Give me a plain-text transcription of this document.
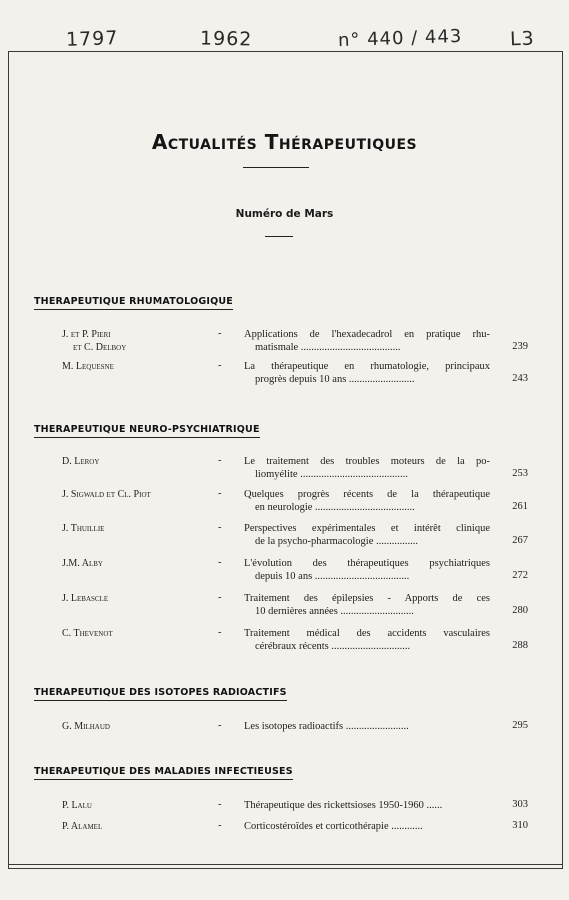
1797	1962	n° 440 / 443 L3
Actualités Thérapeutiques
Numéro de Mars
THERAPEUTIQUE RHUMATOLOGIQUE
J. et P. Pieri
et C. Delboy
- Applications de l'hexadecadrol en pratique rhu-
matismale ......................................	239
M. Lequesne	- La thérapeutique en rhumatologie, principaux
progrès depuis 10 ans .........................	243
THERAPEUTIQUE NEURO-PSYCHIATRIQUE
D. Leroy	- Le traitement des troubles moteurs de la po-
liomyélite .........................................	253
J. Sigwald et Cl. Piot	- Quelques progrès récents de la thérapeutique
en neurologie ......................................	261
J. Thuillie	- Perspectives expérimentales et intérêt clinique
de la psycho-pharmacologie ................	267
J.M. Alby	- L'évolution des thérapeutiques psychiatriques
depuis 10 ans ....................................	272
J. Lebascle	- Traitement des épilepsies - Apports de ces
10 dernières années ............................	280
C. Thevenot	- Traitement médical des accidents vasculaires
cérébraux récents ..............................	288
THERAPEUTIQUE DES ISOTOPES RADIOACTIFS
G. Milhaud	- Les isotopes radioactifs ........................	295
THERAPEUTIQUE DES MALADIES INFECTIEUSES
P. Lalu	- Thérapeutique des rickettsioses 1950-1960 ......	303
P. Alamel	- Corticostéroïdes et corticothérapie ............	310
